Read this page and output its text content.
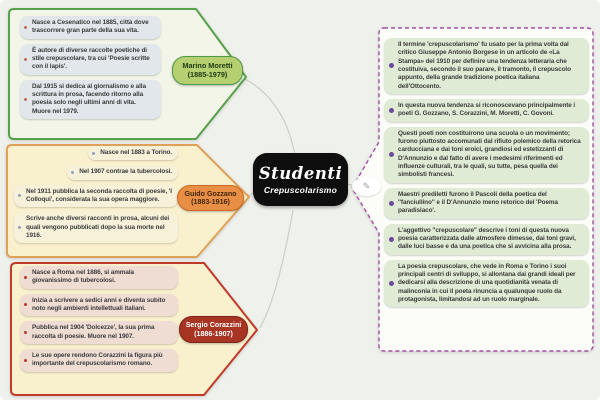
Nasce a Cesenatico nel 1885, città dove trascorrere gran parte della sua vita.
È autore di diverse raccolte poetiche di stile crepuscolare, tra cui 'Poesie scritte con il lapis'.
Dal 1915 si dedica al giornalismo e alla scrittura in prosa, facendo ritorno alla poesia solo negli ultimi anni di vita. Muore nel 1979.
Nasce nel 1883 a Torino.
Nel 1907 contrae la tubercolosi.
Nel 1911 pubblica la seconda raccolta di poesie, 'I Colloqui', considerata la sua opera maggiore.
Scrive anche diversi racconti in prosa, alcuni dei quali vengono pubblicati dopo la sua morte nel 1916.
Nasce a Roma nel 1886, si ammala giovanissimo di tubercolosi.
Inizia a scrivere a sedici anni e diventa subito noto negli ambienti intellettuali italiani.
Pubblica nel 1904 'Dolcezze', la sua prima raccolta di poesie. Muore nel 1907.
Le sue opere rendono Corazzini la figura più importante del crepuscolarismo romano.
Il termine 'crepuscolarismo' fu usato per la prima volta dal critico Giuseppe Antonio Borgese in un articolo de «La Stampa» del 1910 per definire una tendenza letteraria che costituiva, secondo il suo parare, il tramonto, il crepuscolo appunto, della grande tradizione poetica italiana dell'Ottocento.
In questa nuova tendenza si riconoscevano principalmente i poeti G. Gozzano, S. Corazzini, M. Moretti, C. Govoni.
Questi poeti non costituirono una scuola o un movimento; furono piuttosto accomunati dal rifiuto polemico della retorica carducciana e dai toni eroici, grandiosi ed estetizzanti di D'Annunzio e dal fatto di avere i medesimi riferimenti ed influenze culturali, tra le quali, su tutte, pesa quella dei simbolisti francesi.
Maestri prediletti furono il Pascoli della poetica del "fanciullino" e il D'Annunzio meno retorico del 'Poema paradisiaco'.
L'aggettivo "crepuscolare" descrive i toni di questa nuova poesia caratterizzata dalle atmosfere dimesse, dai toni gravi, dalle luci basse e da una poetica che si avvicina alla prosa.
La poesia crepuscolare, che vede in Roma e Torino i suoi principali centri di sviluppo, si allontana dai grandi ideali per dedicarsi alla descrizione di una quotidianità venata di malinconia in cui il poeta rinuncia a qualunque ruolo da protagonista, limitandosi ad un ruolo marginale.
Marino Moretti
(1885-1979)
Guido Gozzano
(1883-1916)
Sergio Corazzini
(1886-1907)
Studenti
Crepuscolarismo	✎
